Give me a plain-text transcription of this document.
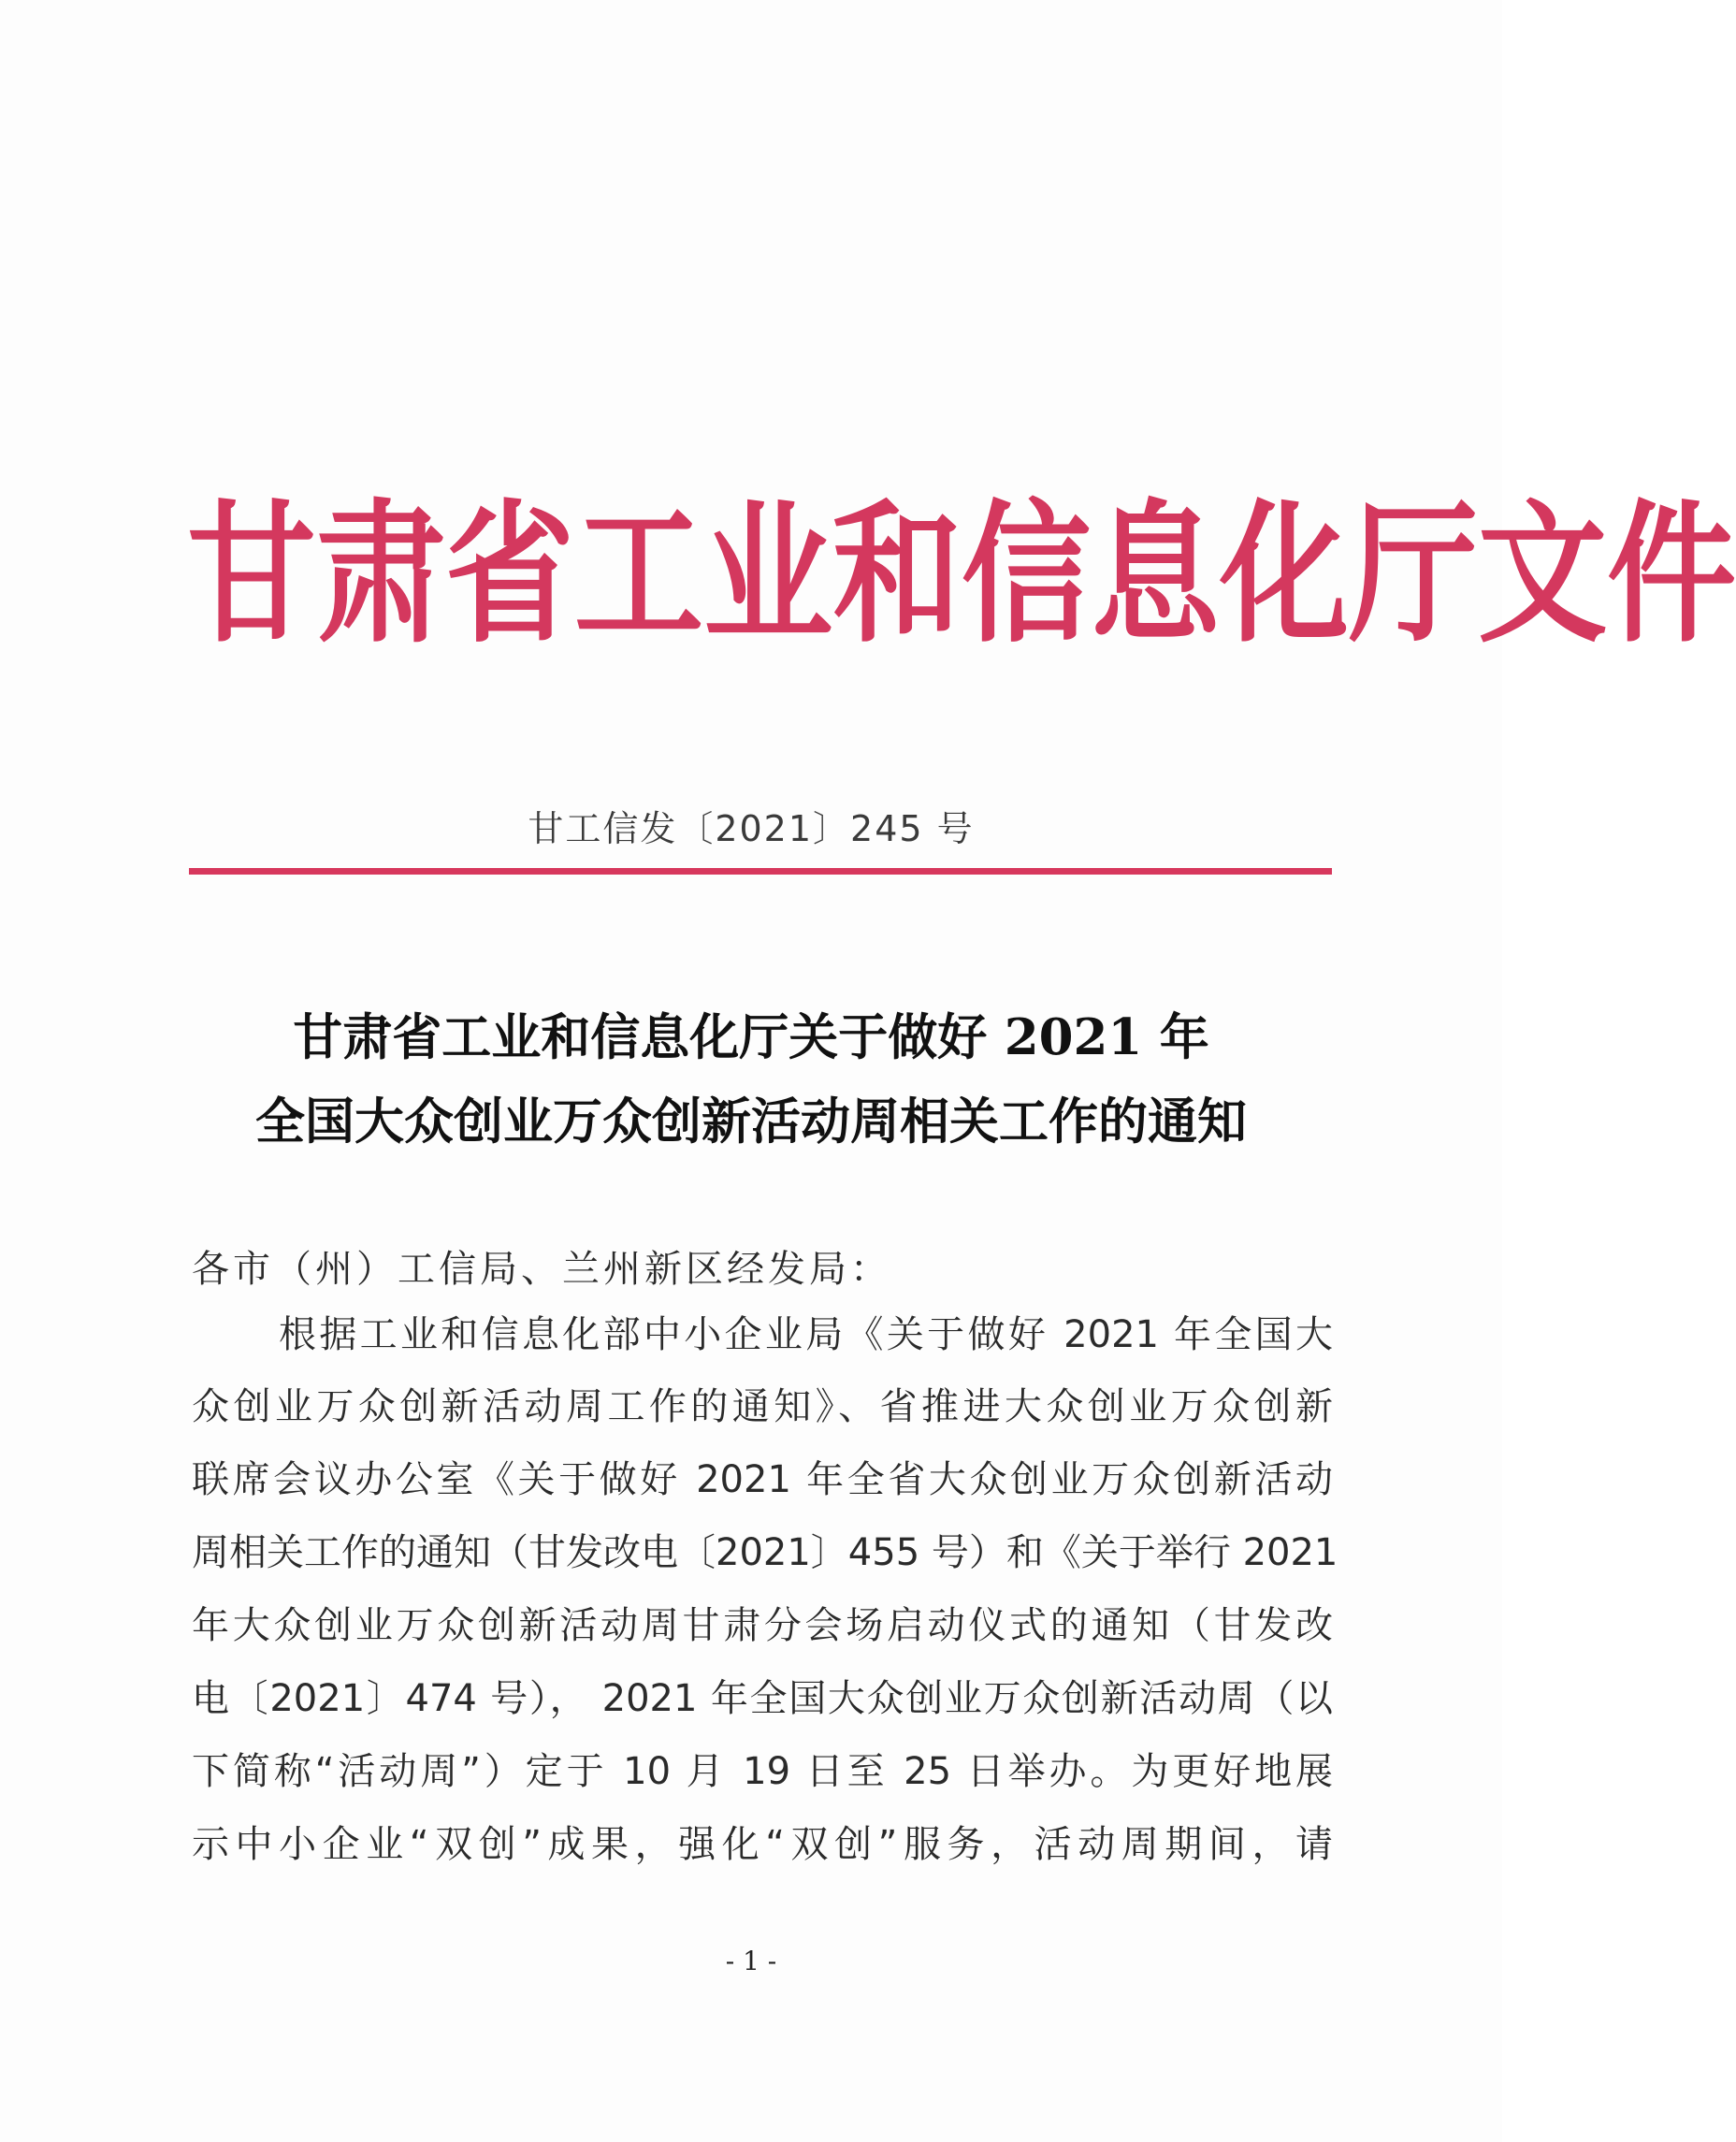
甘 肃 省 工 业 和 信 息 化 厅 文 件
甘工信发〔2021〕245 号
甘肃省工业和信息化厅关于做好 2021 年
全国大众创业万众创新活动周相关工作的通知
各市（州）工信局、兰州新区经发局：
根据工业和信息化部中小企业局《关于做好 2021 年全国大
众创业万众创新活动周工作的通知》、省推进大众创业万众创新
联席会议办公室《关于做好 2021 年全省大众创业万众创新活动
周相关工作的通知（甘发改电〔2021〕455 号）和《关于举行 2021
年大众创业万众创新活动周甘肃分会场启动仪式的通知（甘发改
电〔2021〕474 号）， 2021 年全国大众创业万众创新活动周（以
下简称“活动周”）定于 10 月 19 日至 25 日举办。为更好地展
示中小企业“双创”成果，强化“双创”服务，活动周期间，请
- 1 -
